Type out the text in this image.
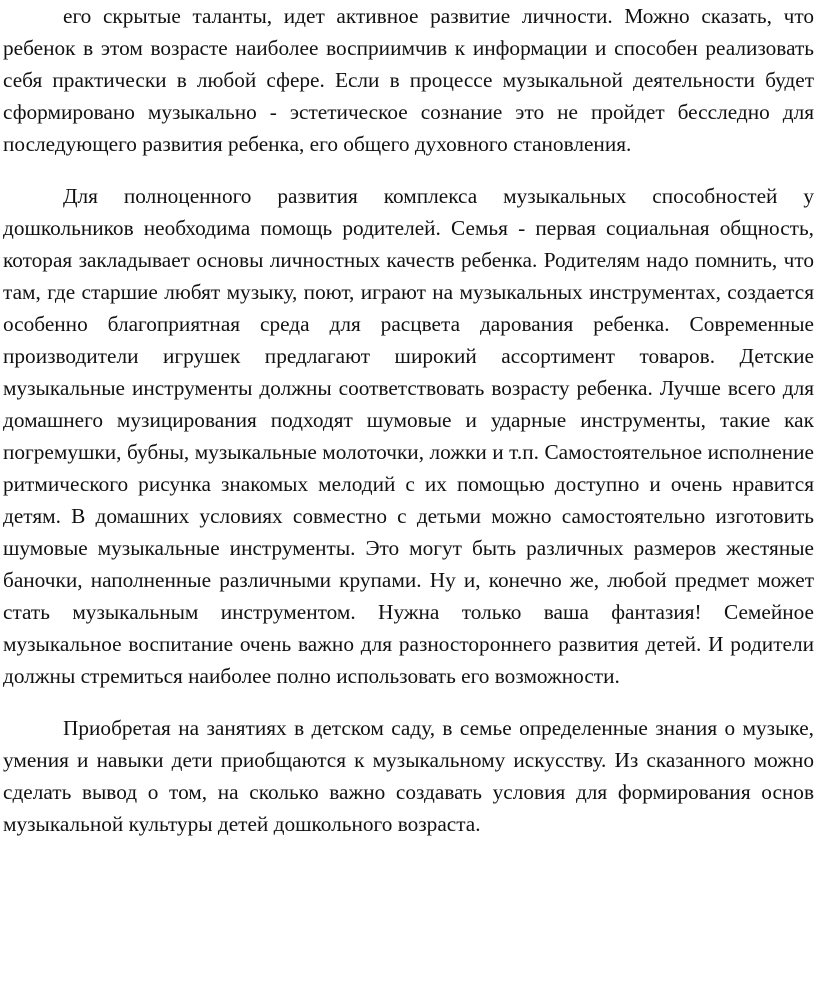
его скрытые таланты, идет активное развитие личности. Можно сказать, что ребенок в этом возрасте наиболее восприимчив к информации и способен реализовать себя практически в любой сфере. Если в процессе музыкальной деятельности будет сформировано музыкально - эстетическое сознание это не пройдет бесследно для последующего развития ребенка, его общего духовного становления.

Для полноценного развития комплекса музыкальных способностей у дошкольников необходима помощь родителей. Семья - первая социальная общность, которая закладывает основы личностных качеств ребенка. Родителям надо помнить, что там, где старшие любят музыку, поют, играют на музыкальных инструментах, создается особенно благоприятная среда для расцвета дарования ребенка. Современные производители игрушек предлагают широкий ассортимент товаров. Детские музыкальные инструменты должны соответствовать возрасту ребенка. Лучше всего для домашнего музицирования подходят шумовые и ударные инструменты, такие как погремушки, бубны, музыкальные молоточки, ложки и т.п. Самостоятельное исполнение ритмического рисунка знакомых мелодий с их помощью доступно и очень нравится детям. В домашних условиях совместно с детьми можно самостоятельно изготовить шумовые музыкальные инструменты. Это могут быть различных размеров жестяные баночки, наполненные различными крупами. Ну и, конечно же, любой предмет может стать музыкальным инструментом. Нужна только ваша фантазия! Семейное музыкальное воспитание очень важно для разностороннего развития детей. И родители должны стремиться наиболее полно использовать его возможности.

Приобретая на занятиях в детском саду, в семье определенные знания о музыке, умения и навыки дети приобщаются к музыкальному искусству. Из сказанного можно сделать вывод о том, на сколько важно создавать условия для формирования основ музыкальной культуры детей дошкольного возраста.
